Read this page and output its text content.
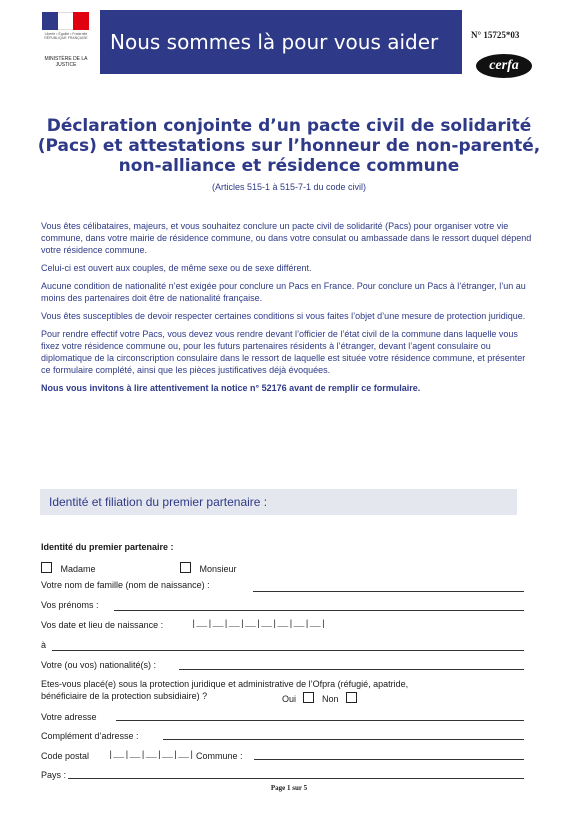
Liberté • Égalité • Fraternité RÉPUBLIQUE FRANÇAISE
MINISTÈRE DE LA JUSTICE
Nous sommes là pour vous aider	N° 15725*03
cerfa
Déclaration conjointe d’un pacte civil de solidarité
(Pacs) et attestations sur l’honneur de non-parenté,
non-alliance et résidence commune
(Articles 515-1 à 515-7-1 du code civil)

Vous êtes célibataires, majeurs, et vous souhaitez conclure un pacte civil de solidarité (Pacs) pour organiser votre vie commune, dans votre mairie de résidence commune, ou dans votre consulat ou ambassade dans le ressort duquel dépend votre résidence commune.

Celui-ci est ouvert aux couples, de même sexe ou de sexe différent.

Aucune condition de nationalité n’est exigée pour conclure un Pacs en France. Pour conclure un Pacs à l’étranger, l’un au moins des partenaires doit être de nationalité française.

Vous êtes susceptibles de devoir respecter certaines conditions si vous faites l’objet d’une mesure de protection juridique.

Pour rendre effectif votre Pacs, vous devez vous rendre devant l’officier de l’état civil de la commune dans laquelle vous fixez votre résidence commune ou, pour les futurs partenaires résidents à l’étranger, devant l’agent consulaire ou diplomatique de la circonscription consulaire dans le ressort de laquelle est située votre résidence commune, et présenter ce formulaire complété, ainsi que les pièces justificatives déjà évoquées.

Nous vous invitons à lire attentivement la notice n° 52176 avant de remplir ce formulaire.

Identité et filiation du premier partenaire :
Identité du premier partenaire :
Madame	Monsieur
Votre nom de famille (nom de naissance) :
Vos prénoms :
Vos date et lieu de naissance :	|__|__|__|__|__|__|__|__|
à
Votre (ou vos) nationalité(s) :
Etes-vous placé(e) sous la protection juridique et administrative de l’Ofpra (réfugié, apatride,
bénéficiaire de la protection subsidiaire) ?	Oui	Non
Votre adresse
Complément d’adresse :
Code postal |__|__|__|__|__| Commune :
Pays :
Page 1 sur 5
